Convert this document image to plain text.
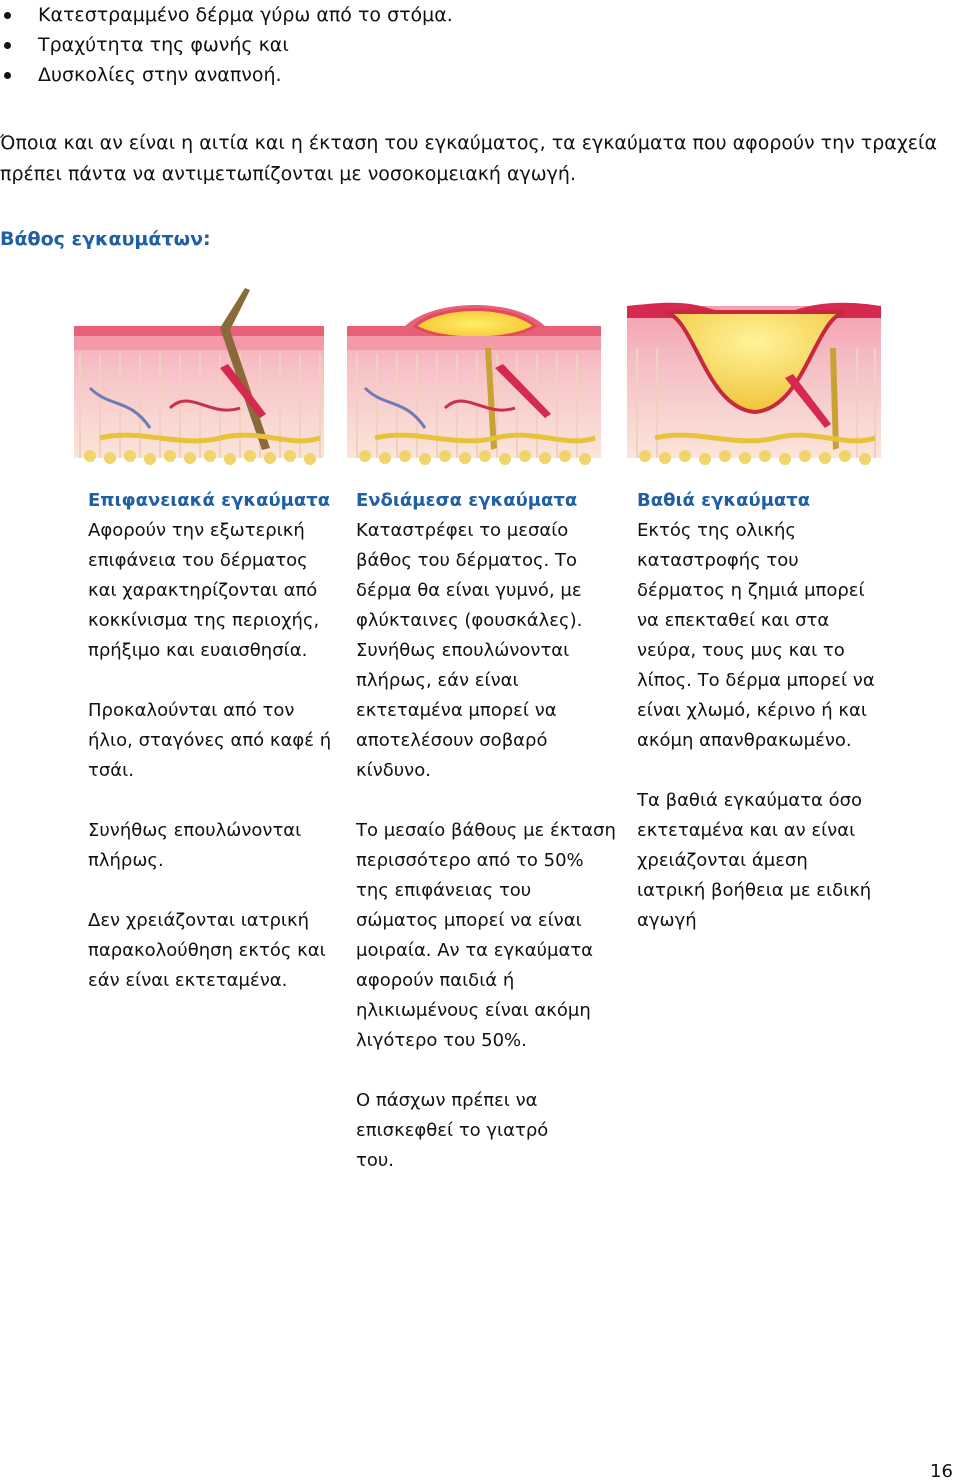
Κατεστραμμένο δέρμα γύρω από το στόμα.
Τραχύτητα της φωνής και
Δυσκολίες στην αναπνοή.

Όποια και αν είναι η αιτία και η έκταση του εγκαύματος, τα εγκαύματα που αφορούν την τραχεία πρέπει πάντα να αντιμετωπίζονται με νοσοκομειακή αγωγή.

Βάθος εγκαυμάτων:
Επιφανειακά εγκαύματα

Αφορούν την εξωτερική επιφάνεια του δέρματος και χαρακτηρίζονται από κοκκίνισμα της περιοχής, πρήξιμο και ευαισθησία.

Προκαλούνται από τον ήλιο, σταγόνες από καφέ ή τσάι.

Συνήθως επουλώνονται πλήρως.

Δεν χρειάζονται ιατρική παρακολούθηση εκτός και εάν είναι εκτεταμένα.

Ενδιάμεσα εγκαύματα

Καταστρέφει το μεσαίο βάθος του δέρματος. Το δέρμα θα είναι γυμνό, με φλύκταινες (φουσκάλες). Συνήθως επουλώνονται πλήρως, εάν είναι εκτεταμένα μπορεί να αποτελέσουν σοβαρό κίνδυνο.

Το μεσαίο βάθους με έκταση περισσότερο από το 50% της επιφάνειας του σώματος μπορεί να είναι μοιραία. Αν τα εγκαύματα αφορούν παιδιά ή ηλικιωμένους είναι ακόμη λιγότερο του 50%.

Ο πάσχων πρέπει να επισκεφθεί το γιατρό του.

Βαθιά εγκαύματα

Εκτός της ολικής καταστροφής του δέρματος η ζημιά μπορεί να επεκταθεί και στα νεύρα, τους μυς και το λίπος. Το δέρμα μπορεί να είναι χλωμό, κέρινο ή και ακόμη απανθρακωμένο.

Τα βαθιά εγκαύματα όσο εκτεταμένα και αν είναι χρειάζονται άμεση ιατρική βοήθεια με ειδική αγωγή

16
